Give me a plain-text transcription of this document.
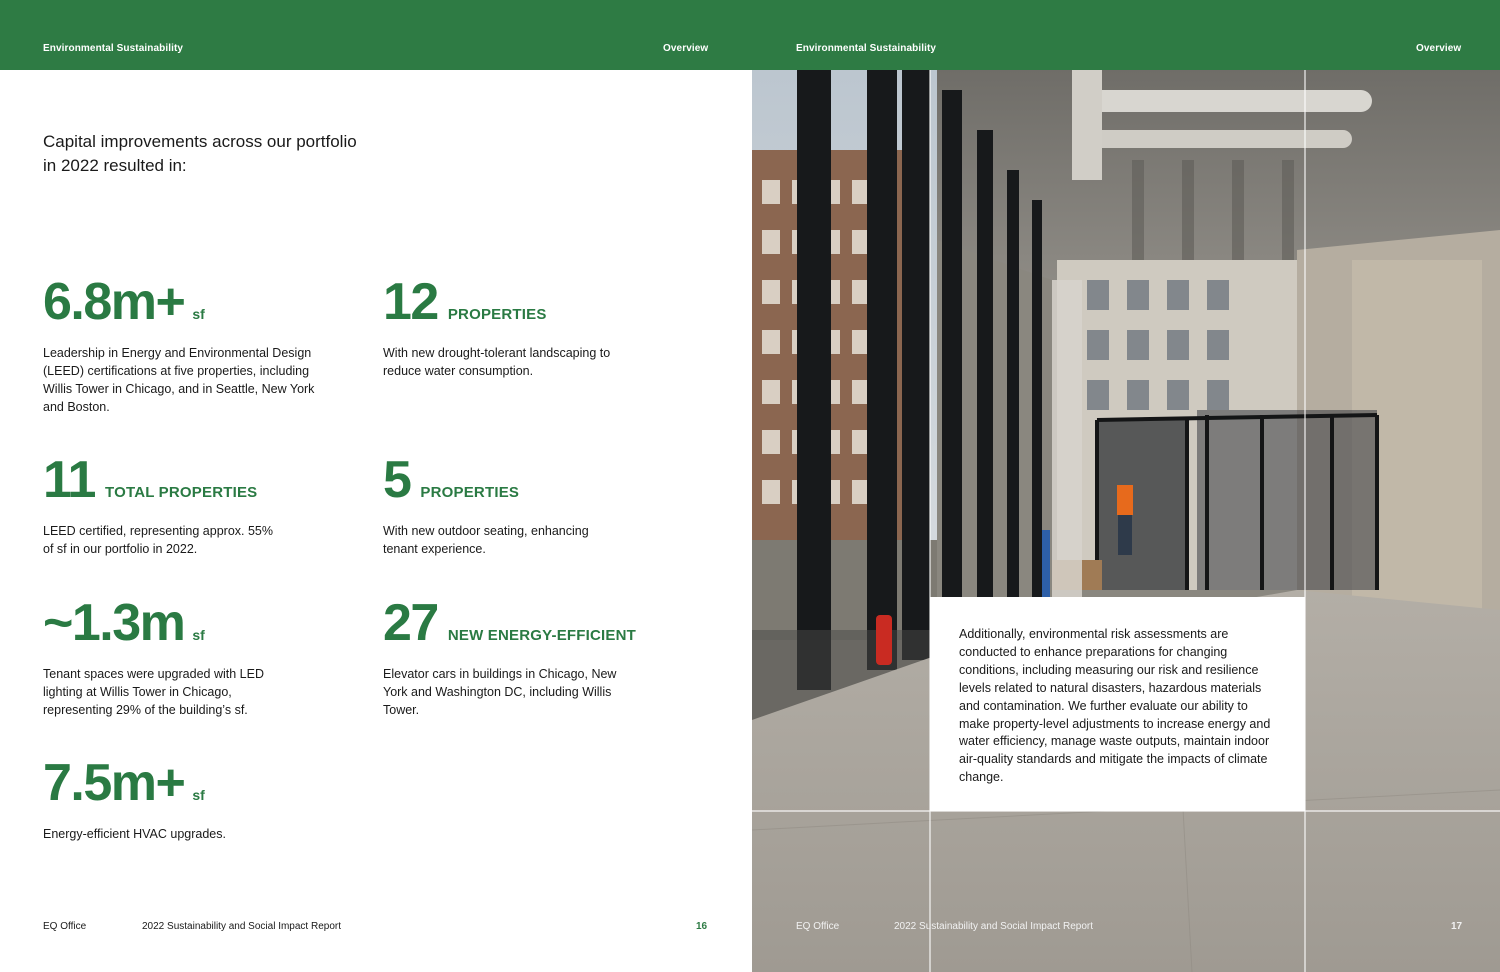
Environmental Sustainability	Overview	Environmental Sustainability	Overview
Capital improvements across our portfolio in 2022 resulted in:
6.8m+ sf
Leadership in Energy and Environmental Design (LEED) certifications at five properties, including Willis Tower in Chicago, and in Seattle, New York and Boston.
12 PROPERTIES
With new drought-tolerant landscaping to reduce water consumption.
11 TOTAL PROPERTIES
LEED certified, representing approx. 55% of sf in our portfolio in 2022.
5 PROPERTIES
With new outdoor seating, enhancing tenant experience.
~1.3m sf
Tenant spaces were upgraded with LED lighting at Willis Tower in Chicago, representing 29% of the building’s sf.
27 NEW ENERGY-EFFICIENT
Elevator cars in buildings in Chicago, New York and Washington DC, including Willis Tower.
7.5m+ sf
Energy-efficient HVAC upgrades.

Additionally, environmental risk assessments are conducted to enhance preparations for changing conditions, including measuring our risk and resilience levels related to natural disasters, hazardous materials and contamination. We further evaluate our ability to make property-level adjustments to increase energy and water efficiency, manage waste outputs, maintain indoor air-quality standards and mitigate the impacts of climate change.

EQ Office	2022 Sustainability and Social Impact Report	16	EQ Office	2022 Sustainability and Social Impact Report	17
